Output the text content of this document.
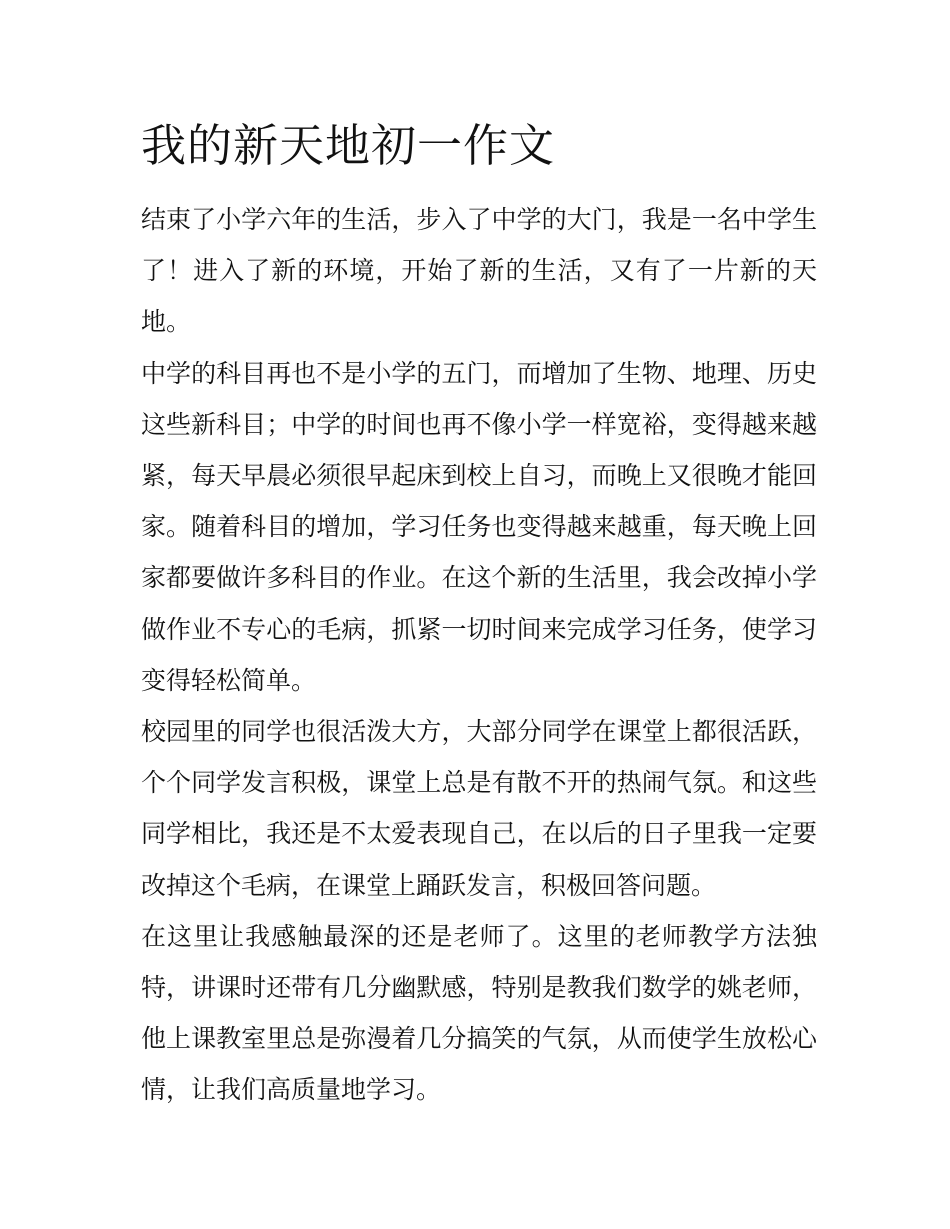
我的新天地初一作文

结束了小学六年的生活，步入了中学的大门，我是一名中学生了！进入了新的环境，开始了新的生活，又有了一片新的天地。

中学的科目再也不是小学的五门，而增加了生物、地理、历史这些新科目；中学的时间也再不像小学一样宽裕，变得越来越紧，每天早晨必须很早起床到校上自习，而晚上又很晚才能回家。随着科目的增加，学习任务也变得越来越重，每天晚上回家都要做许多科目的作业。在这个新的生活里，我会改掉小学做作业不专心的毛病，抓紧一切时间来完成学习任务，使学习变得轻松简单。

校园里的同学也很活泼大方，大部分同学在课堂上都很活跃，个个同学发言积极，课堂上总是有散不开的热闹气氛。和这些同学相比，我还是不太爱表现自己，在以后的日子里我一定要改掉这个毛病，在课堂上踊跃发言，积极回答问题。

在这里让我感触最深的还是老师了。这里的老师教学方法独特，讲课时还带有几分幽默感，特别是教我们数学的姚老师，他上课教室里总是弥漫着几分搞笑的气氛，从而使学生放松心情，让我们高质量地学习。
